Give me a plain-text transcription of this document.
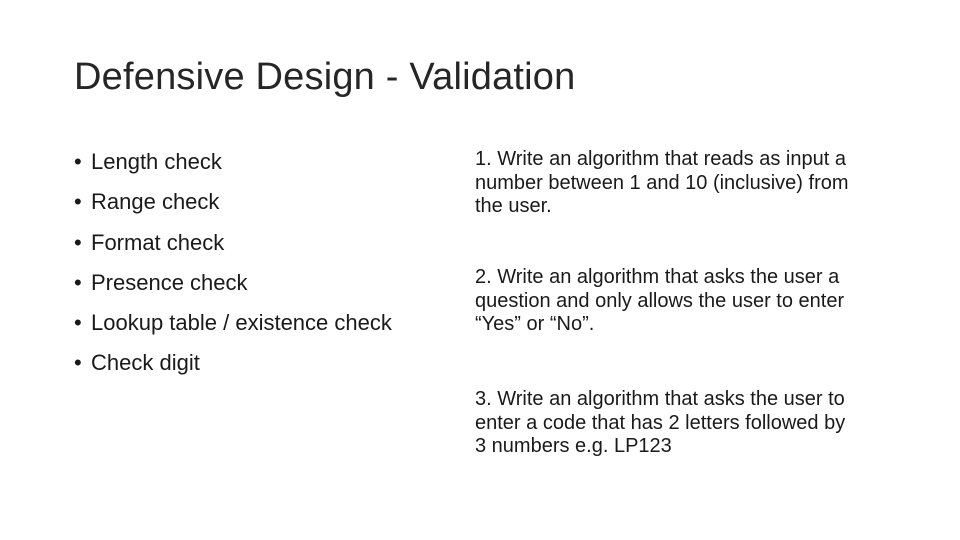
Defensive Design - Validation
• Length check
• Range check
• Format check
• Presence check
• Lookup table / existence check
• Check digit

1. Write an algorithm that reads as input a
number between 1 and 10 (inclusive) from
the user.

2. Write an algorithm that asks the user a
question and only allows the user to enter
“Yes” or “No”.

3. Write an algorithm that asks the user to
enter a code that has 2 letters followed by
3 numbers e.g. LP123
